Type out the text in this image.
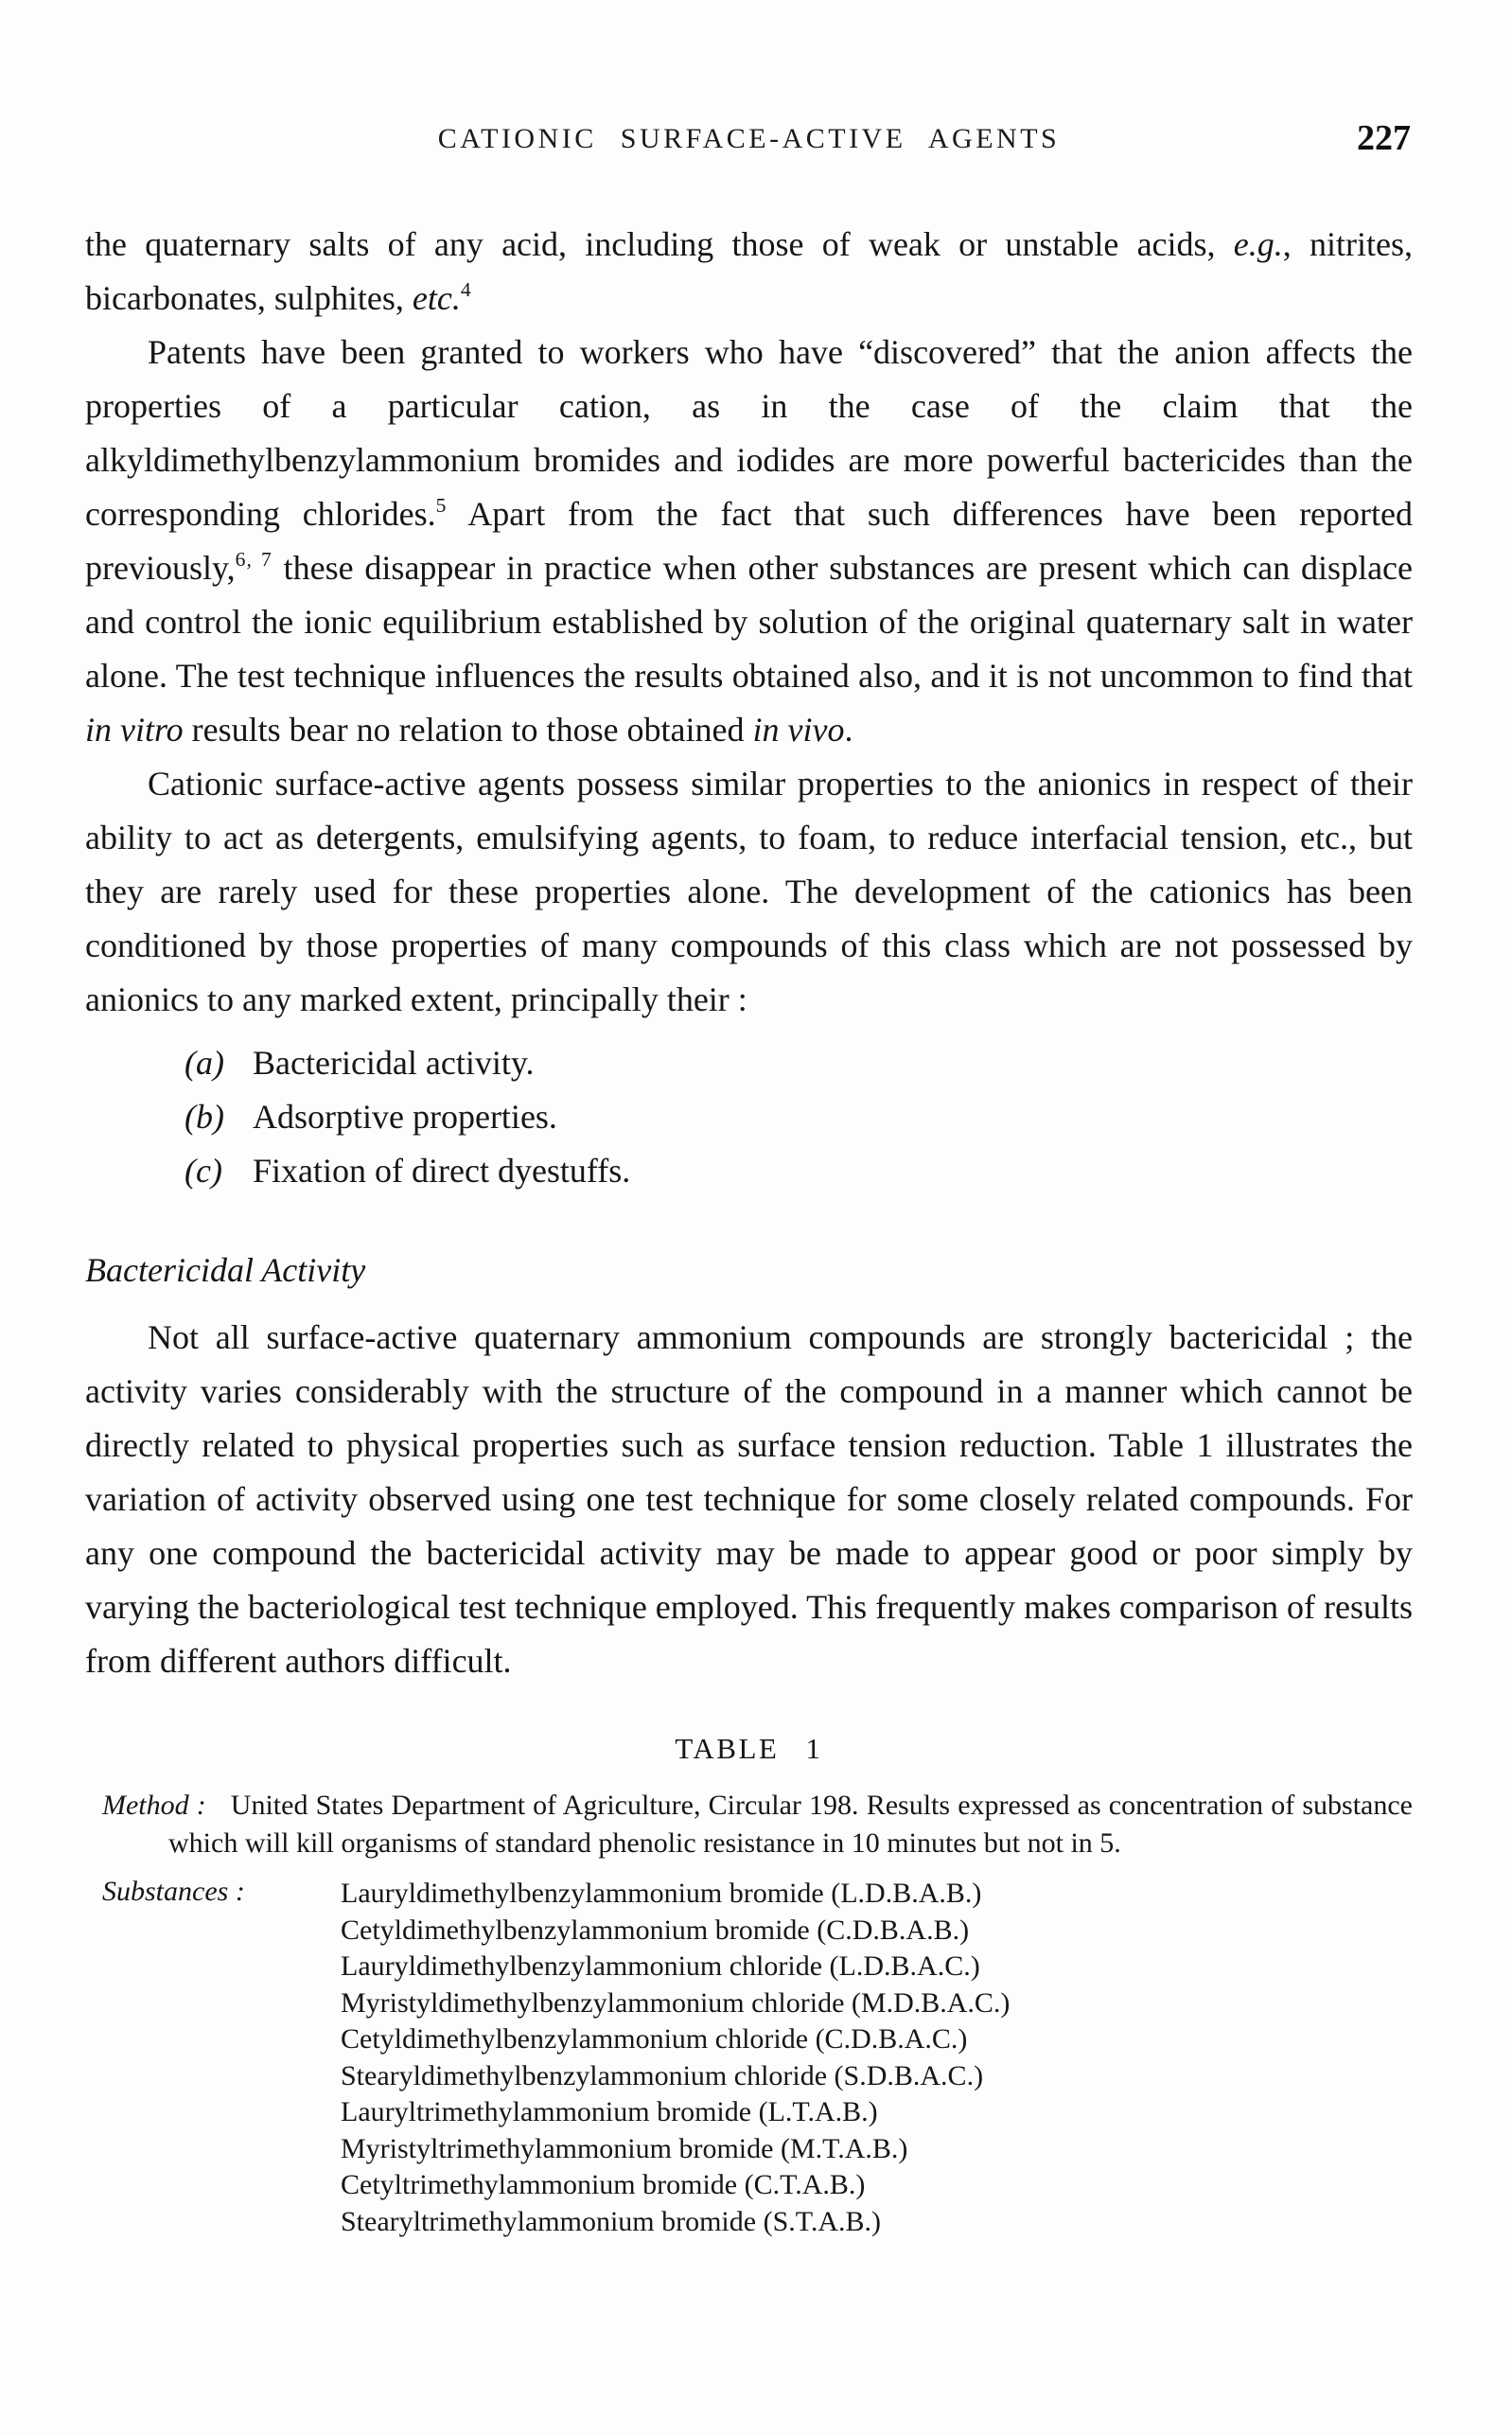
CATIONIC SURFACE-ACTIVE AGENTS	227

the quaternary salts of any acid, including those of weak or unstable acids, e.g., nitrites, bicarbonates, sulphites, etc.$^4$

Patents have been granted to workers who have “discovered” that the anion affects the properties of a particular cation, as in the case of the claim that the alkyldimethylbenzylammonium bromides and iodides are more powerful bactericides than the corresponding chlorides.$^5$ Apart from the fact that such differences have been reported previously,$^{6, 7}$ these disappear in practice when other substances are present which can displace and control the ionic equilibrium established by solution of the original quaternary salt in water alone. The test technique influences the results obtained also, and it is not uncommon to find that in vitro results bear no relation to those obtained in vivo.

Cationic surface-active agents possess similar properties to the anionics in respect of their ability to act as detergents, emulsifying agents, to foam, to reduce interfacial tension, etc., but they are rarely used for these properties alone. The development of the cationics has been conditioned by those properties of many compounds of this class which are not possessed by anionics to any marked extent, principally their :

(a) Bactericidal activity.
(b) Adsorptive properties.
(c) Fixation of direct dyestuffs.
Bactericidal Activity

Not all surface-active quaternary ammonium compounds are strongly bactericidal ; the activity varies considerably with the structure of the compound in a manner which cannot be directly related to physical properties such as surface tension reduction. Table 1 illustrates the variation of activity observed using one test technique for some closely related compounds. For any one compound the bactericidal activity may be made to appear good or poor simply by varying the bacteriological test technique employed. This frequently makes comparison of results from different authors difficult.

TABLE 1
Method : United States Department of Agriculture, Circular 198. Results expressed as concentration of substance which will kill organisms of standard phenolic resistance in 10 minutes but not in 5.
Substances :	Lauryldimethylbenzylammonium bromide (L.D.B.A.B.)
Cetyldimethylbenzylammonium bromide (C.D.B.A.B.)
Lauryldimethylbenzylammonium chloride (L.D.B.A.C.)
Myristyldimethylbenzylammonium chloride (M.D.B.A.C.)
Cetyldimethylbenzylammonium chloride (C.D.B.A.C.)
Stearyldimethylbenzylammonium chloride (S.D.B.A.C.)
Lauryltrimethylammonium bromide (L.T.A.B.)
Myristyltrimethylammonium bromide (M.T.A.B.)
Cetyltrimethylammonium bromide (C.T.A.B.)
Stearyltrimethylammonium bromide (S.T.A.B.)
